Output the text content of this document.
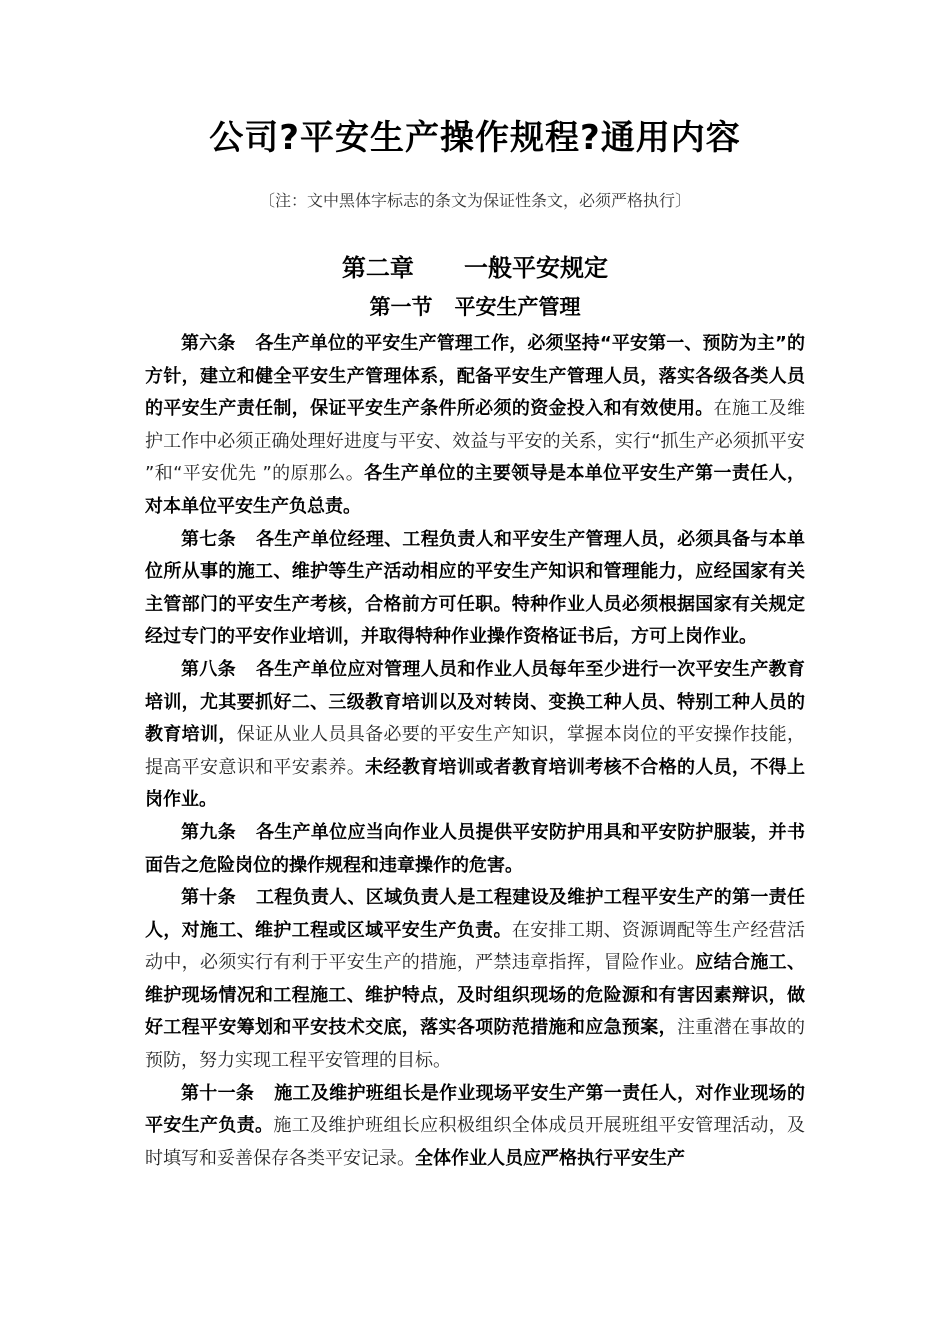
公司?平安生产操作规程?通用内容
〔注：文中黑体字标志的条文为保证性条文，必须严格执行〕
第二章      一般平安规定
第一节   平安生产管理

第六条 各生产单位的平安生产管理工作，必须坚持“平安第一、预防为主”的方针，建立和健全平安生产管理体系，配备平安生产管理人员，落实各级各类人员的平安生产责任制，保证平安生产条件所必须的资金投入和有效使用。在施工及维护工作中必须正确处理好进度与平安、效益与平安的关系，实行“抓生产必须抓平安 ”和“平安优先 ”的原那么。各生产单位的主要领导是本单位平安生产第一责任人，对本单位平安生产负总责。

第七条 各生产单位经理、工程负责人和平安生产管理人员，必须具备与本单位所从事的施工、维护等生产活动相应的平安生产知识和管理能力，应经国家有关主管部门的平安生产考核，合格前方可任职。特种作业人员必须根据国家有关规定经过专门的平安作业培训，并取得特种作业操作资格证书后，方可上岗作业。

第八条 各生产单位应对管理人员和作业人员每年至少进行一次平安生产教育培训，尤其要抓好二、三级教育培训以及对转岗、变换工种人员、特别工种人员的教育培训，保证从业人员具备必要的平安生产知识，掌握本岗位的平安操作技能，提高平安意识和平安素养。未经教育培训或者教育培训考核不合格的人员，不得上岗作业。

第九条 各生产单位应当向作业人员提供平安防护用具和平安防护服装，并书面告之危险岗位的操作规程和违章操作的危害。

第十条 工程负责人、区域负责人是工程建设及维护工程平安生产的第一责任人，对施工、维护工程或区域平安生产负责。在安排工期、资源调配等生产经营活动中，必须实行有利于平安生产的措施，严禁违章指挥，冒险作业。应结合施工、维护现场情况和工程施工、维护特点，及时组织现场的危险源和有害因素辩识，做好工程平安筹划和平安技术交底，落实各项防范措施和应急预案，注重潜在事故的预防，努力实现工程平安管理的目标。

第十一条 施工及维护班组长是作业现场平安生产第一责任人，对作业现场的平安生产负责。施工及维护班组长应积极组织全体成员开展班组平安管理活动，及时填写和妥善保存各类平安记录。全体作业人员应严格执行平安生产
